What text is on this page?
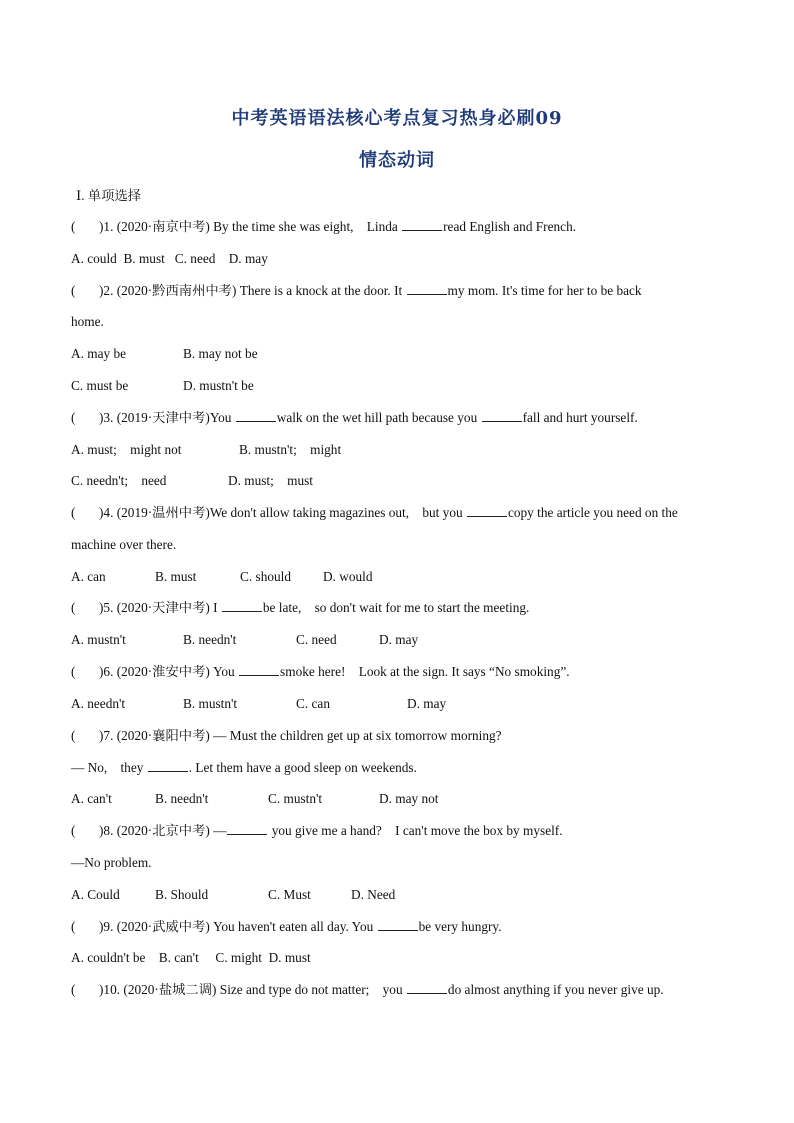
中考英语语法核心考点复习热身必刷09
情态动词
Ⅰ. 单项选择
( )1. (2020·南京中考) By the time she was eight,　Linda	read English and French.
A. could  B. must   C. need    D. may
( )2. (2020·黔西南州中考) There is a knock at the door. It	my mom. It's time for her to be back
home.
A. may be	B. may not be
C. must be	D. mustn't be
( )3. (2019·天津中考)You	walk on the wet hill path because you	fall and hurt yourself.
A. must;　might not	B. mustn't;　might
C. needn't;　need	D. must;　must
( )4. (2019·温州中考)We don't allow taking magazines out,　but you	copy the article you need on the
machine over there.
A. can	B. must	C. should D. would
( )5. (2020·天津中考) I	be late,　so don't wait for me to start the meeting.
A. mustn't	B. needn't	C. need	D. may
( )6. (2020·淮安中考) You	smoke here!　Look at the sign. It says “No smoking”.
A. needn't	B. mustn't	C. can	D. may
( )7. (2020·襄阳中考) — Must the children get up at six tomorrow morning?
— No,　they	. Let them have a good sleep on weekends.
A. can't	B. needn't	C. mustn't	D. may not
( )8. (2020·北京中考) —	you give me a hand?　I can't move the box by myself.
—No problem.
A. Could	B. Should	C. Must	D. Need
( )9. (2020·武威中考) You haven't eaten all day. You	be very hungry.
A. couldn't be    B. can't     C. might  D. must
( )10. (2020·盐城二调) Size and type do not matter;　you	do almost anything if you never give up.
